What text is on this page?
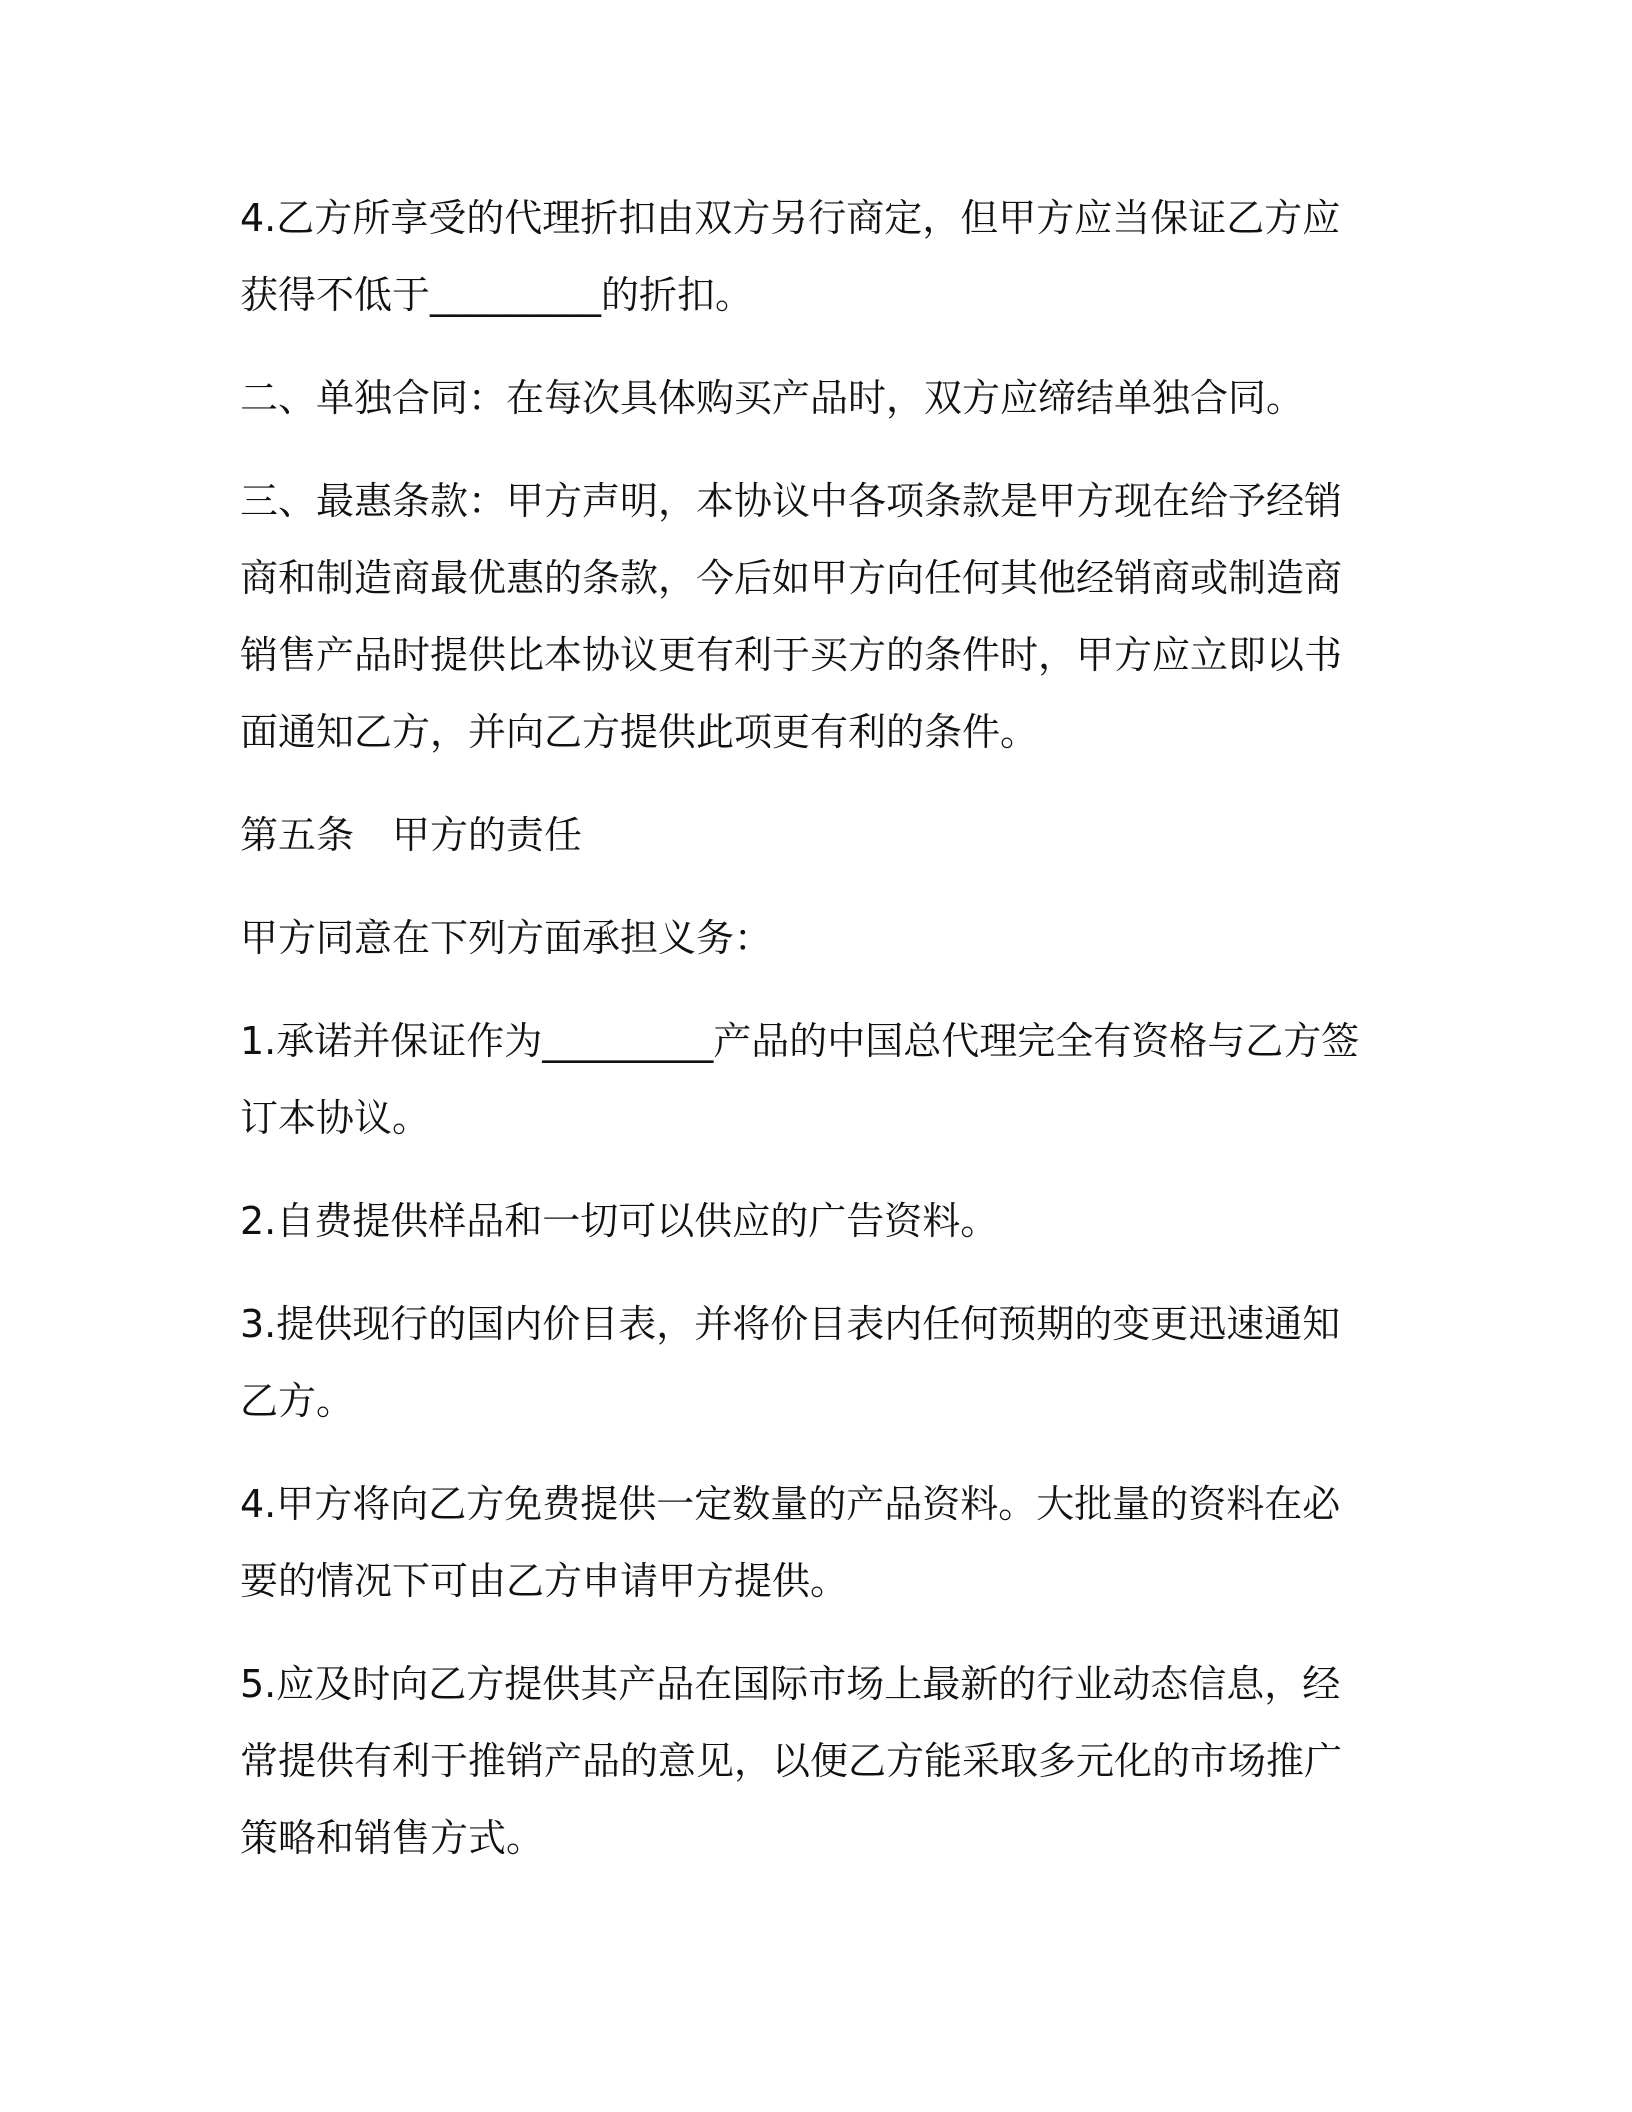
4.乙方所享受的代理折扣由双方另行商定，但甲方应当保证乙方应获得不低于_________的折扣。

二、单独合同：在每次具体购买产品时，双方应缔结单独合同。

三、最惠条款：甲方声明，本协议中各项条款是甲方现在给予经销商和制造商最优惠的条款，今后如甲方向任何其他经销商或制造商销售产品时提供比本协议更有利于买方的条件时，甲方应立即以书面通知乙方，并向乙方提供此项更有利的条件。

第五条　甲方的责任

甲方同意在下列方面承担义务：

1.承诺并保证作为_________产品的中国总代理完全有资格与乙方签订本协议。

2.自费提供样品和一切可以供应的广告资料。

3.提供现行的国内价目表，并将价目表内任何预期的变更迅速通知乙方。

4.甲方将向乙方免费提供一定数量的产品资料。大批量的资料在必要的情况下可由乙方申请甲方提供。

5.应及时向乙方提供其产品在国际市场上最新的行业动态信息，经常提供有利于推销产品的意见，以便乙方能采取多元化的市场推广策略和销售方式。
